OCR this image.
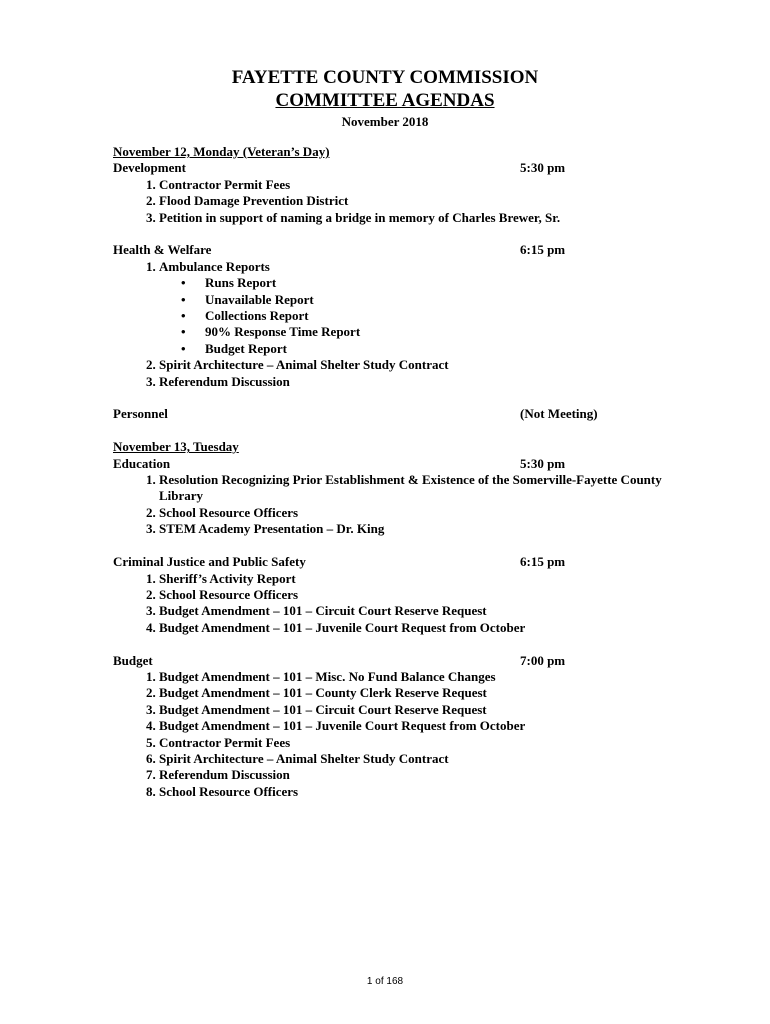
FAYETTE COUNTY COMMISSION
COMMITTEE AGENDAS
November 2018
November 12, Monday (Veteran’s Day)
Development	5:30 pm
1. Contractor Permit Fees
2. Flood Damage Prevention District
3. Petition in support of naming a bridge in memory of Charles Brewer, Sr.
Health & Welfare	6:15 pm
1. Ambulance Reports
• Runs Report
• Unavailable Report
• Collections Report
• 90% Response Time Report
• Budget Report
2. Spirit Architecture – Animal Shelter Study Contract
3. Referendum Discussion
Personnel	(Not Meeting)
November 13, Tuesday
Education	5:30 pm
1. Resolution Recognizing Prior Establishment & Existence of the Somerville-Fayette County Library
2. School Resource Officers
3. STEM Academy Presentation – Dr. King
Criminal Justice and Public Safety	6:15 pm
1. Sheriff’s Activity Report
2. School Resource Officers
3. Budget Amendment – 101 – Circuit Court Reserve Request
4. Budget Amendment – 101 – Juvenile Court Request from October
Budget	7:00 pm
1. Budget Amendment – 101 – Misc. No Fund Balance Changes
2. Budget Amendment – 101 – County Clerk Reserve Request
3. Budget Amendment – 101 – Circuit Court Reserve Request
4. Budget Amendment – 101 – Juvenile Court Request from October
5. Contractor Permit Fees
6. Spirit Architecture – Animal Shelter Study Contract
7. Referendum Discussion
8. School Resource Officers
1 of 168
